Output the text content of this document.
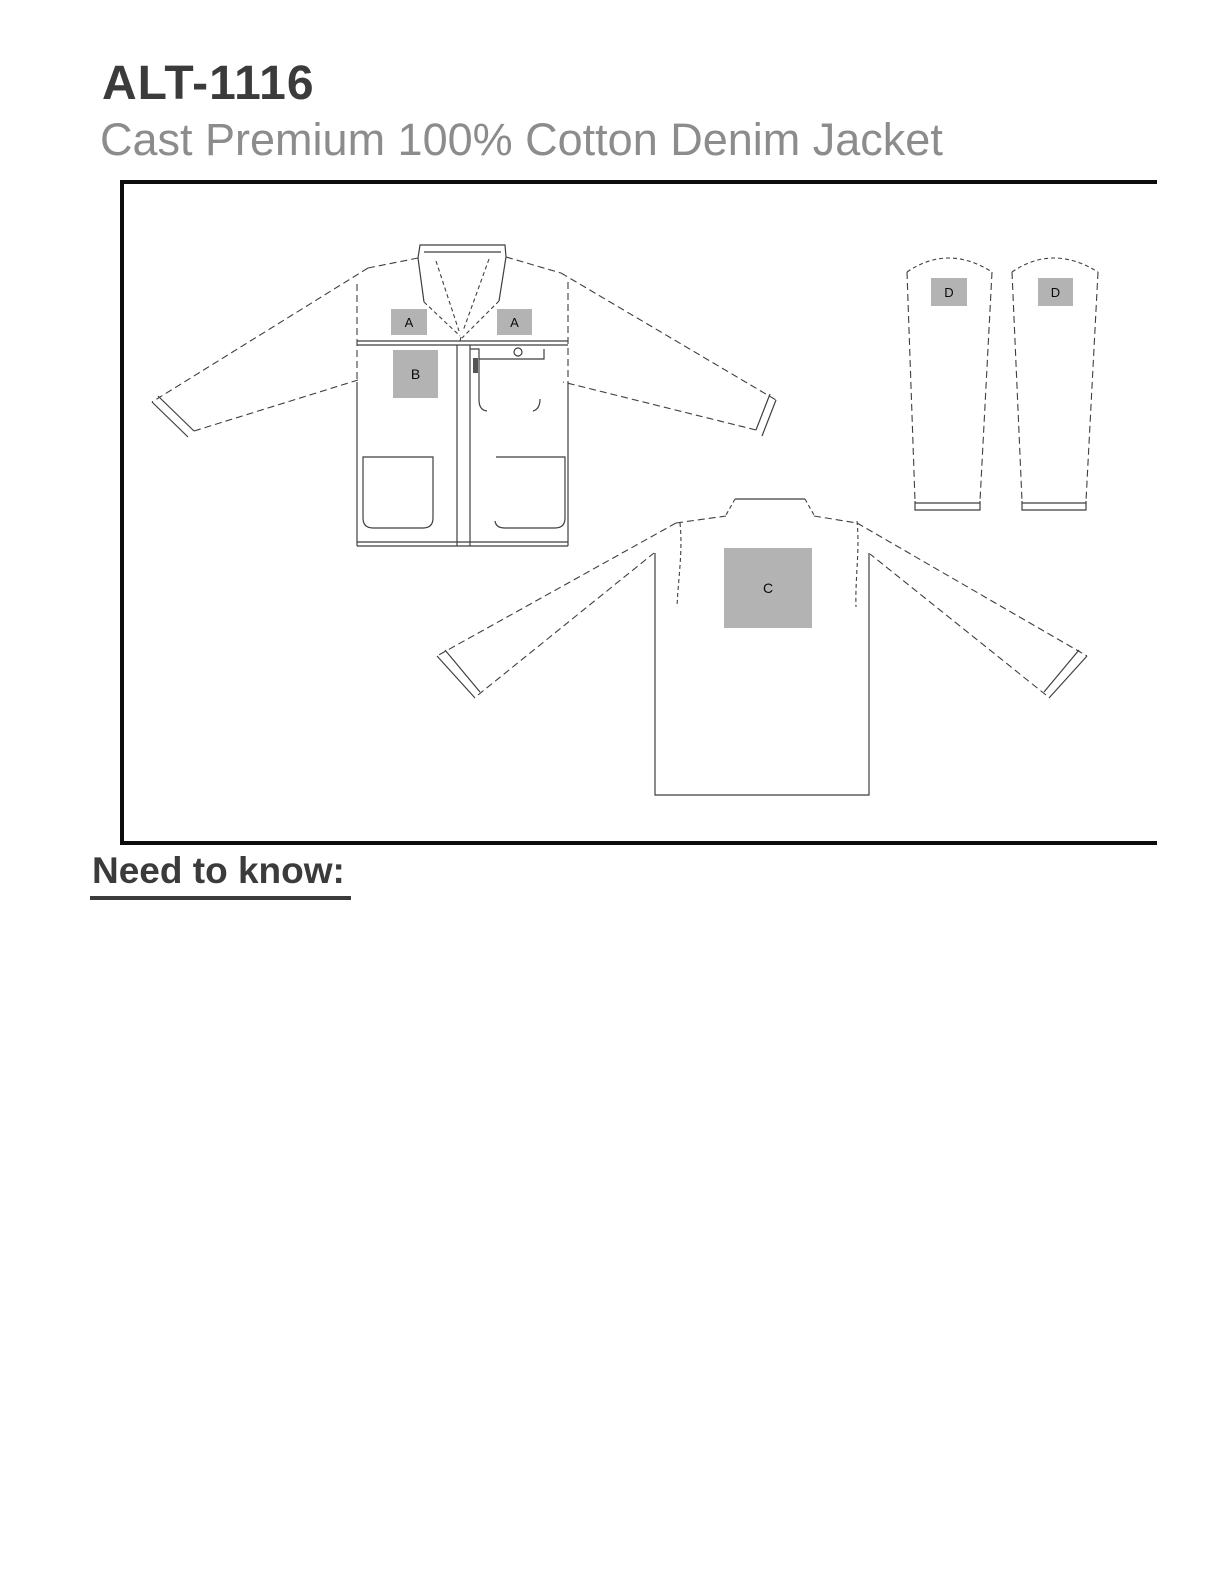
ALT-1116
Cast Premium 100% Cotton Denim Jacket
A	A
B
C
D	D
Need to know:
